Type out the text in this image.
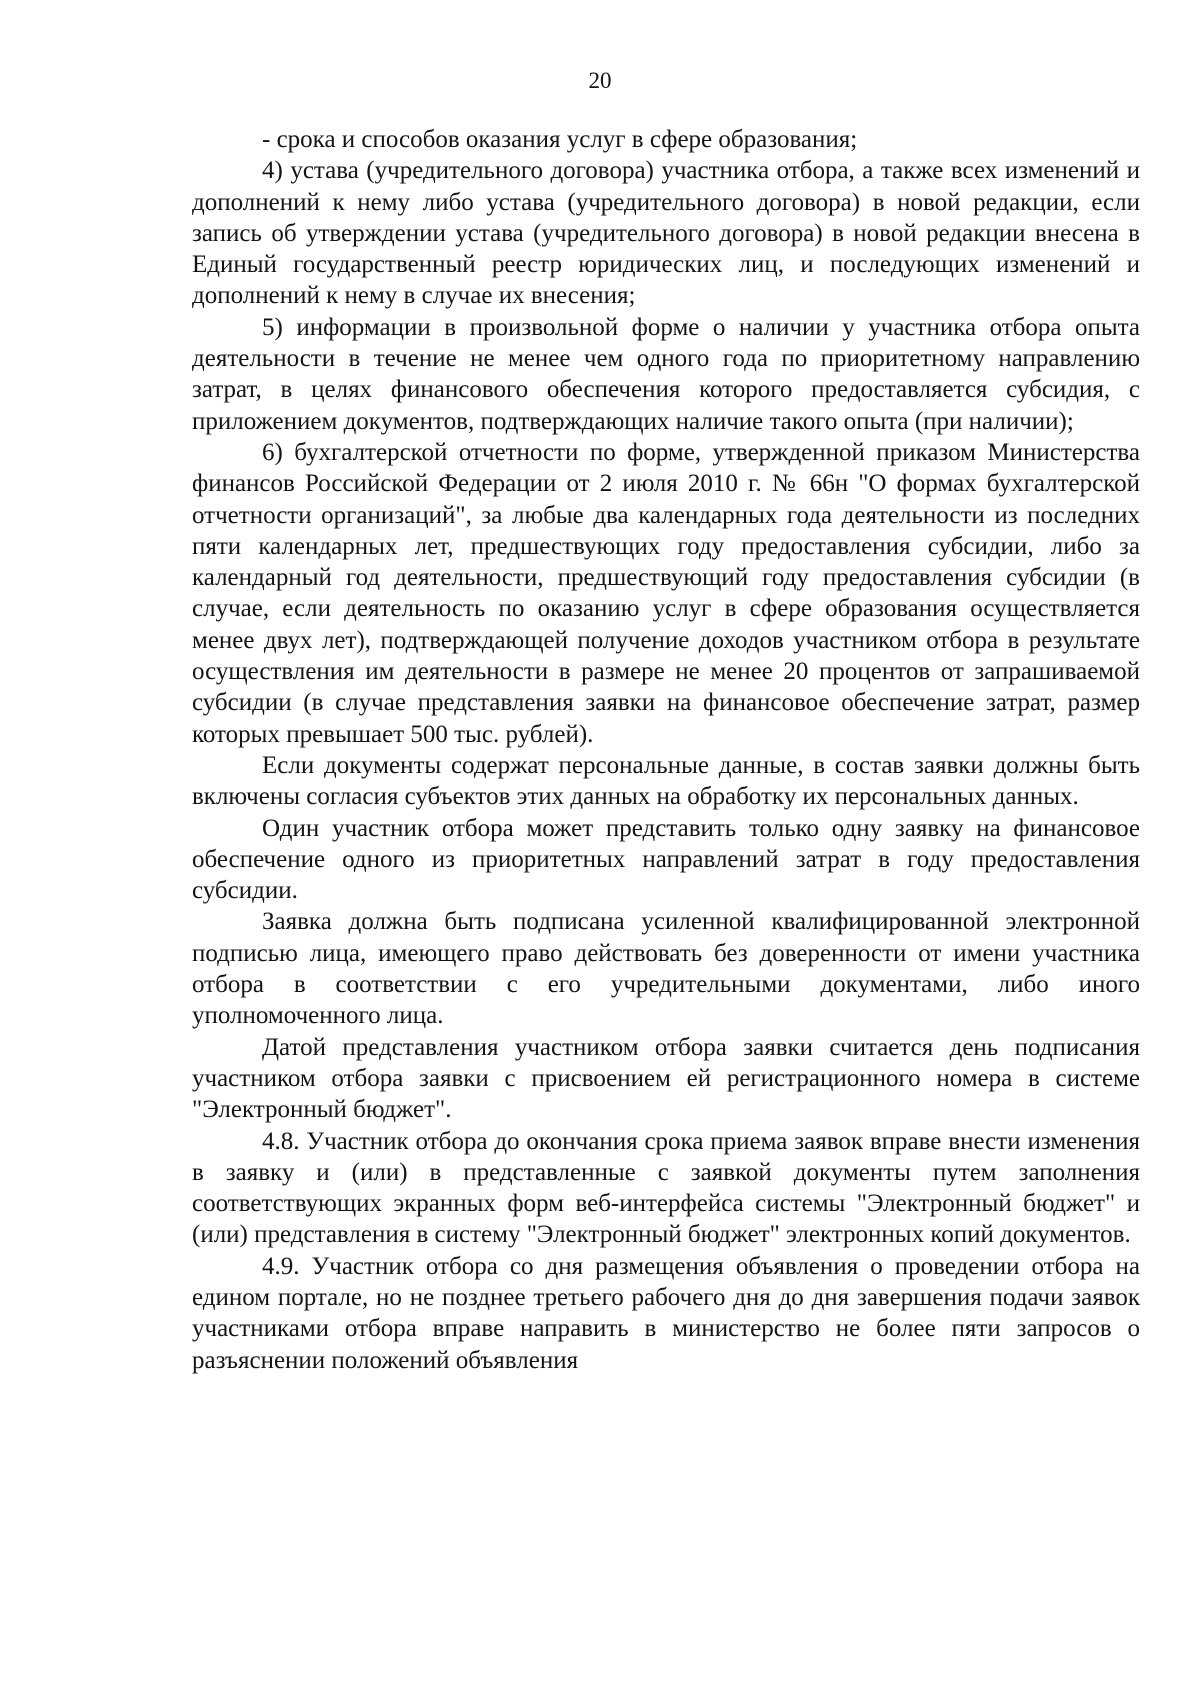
20

- срока и способов оказания услуг в сфере образования;

4) устава (учредительного договора) участника отбора, а также всех изменений и дополнений к нему либо устава (учредительного договора) в новой редакции, если запись об утверждении устава (учредительного договора) в новой редакции внесена в Единый государственный реестр юридических лиц, и последующих изменений и дополнений к нему в случае их внесения;

5) информации в произвольной форме о наличии у участника отбора опыта деятельности в течение не менее чем одного года по приоритетному направлению затрат, в целях финансового обеспечения которого предоставляется субсидия, с приложением документов, подтверждающих наличие такого опыта (при наличии);

6) бухгалтерской отчетности по форме, утвержденной приказом Министерства финансов Российской Федерации от 2 июля 2010 г. № 66н "О формах бухгалтерской отчетности организаций", за любые два календарных года деятельности из последних пяти календарных лет, предшествующих году предоставления субсидии, либо за календарный год деятельности, предшествующий году предоставления субсидии (в случае, если деятельность по оказанию услуг в сфере образования осуществляется менее двух лет), подтверждающей получение доходов участником отбора в результате осуществления им деятельности в размере не менее 20 процентов от запрашиваемой субсидии (в случае представления заявки на финансовое обеспечение затрат, размер которых превышает 500 тыс. рублей).

Если документы содержат персональные данные, в состав заявки должны быть включены согласия субъектов этих данных на обработку их персональных данных.

Один участник отбора может представить только одну заявку на финансовое обеспечение одного из приоритетных направлений затрат в году предоставления субсидии.

Заявка должна быть подписана усиленной квалифицированной электронной подписью лица, имеющего право действовать без доверенности от имени участника отбора в соответствии с его учредительными документами, либо иного уполномоченного лица.

Датой представления участником отбора заявки считается день подписания участником отбора заявки с присвоением ей регистрационного номера в системе "Электронный бюджет".

4.8. Участник отбора до окончания срока приема заявок вправе внести изменения в заявку и (или) в представленные с заявкой документы путем заполнения соответствующих экранных форм веб-интерфейса системы "Электронный бюджет" и (или) представления в систему "Электронный бюджет" электронных копий документов.

4.9. Участник отбора со дня размещения объявления о проведении отбора на едином портале, но не позднее третьего рабочего дня до дня завершения подачи заявок участниками отбора вправе направить в министерство не более пяти запросов о разъяснении положений объявления
